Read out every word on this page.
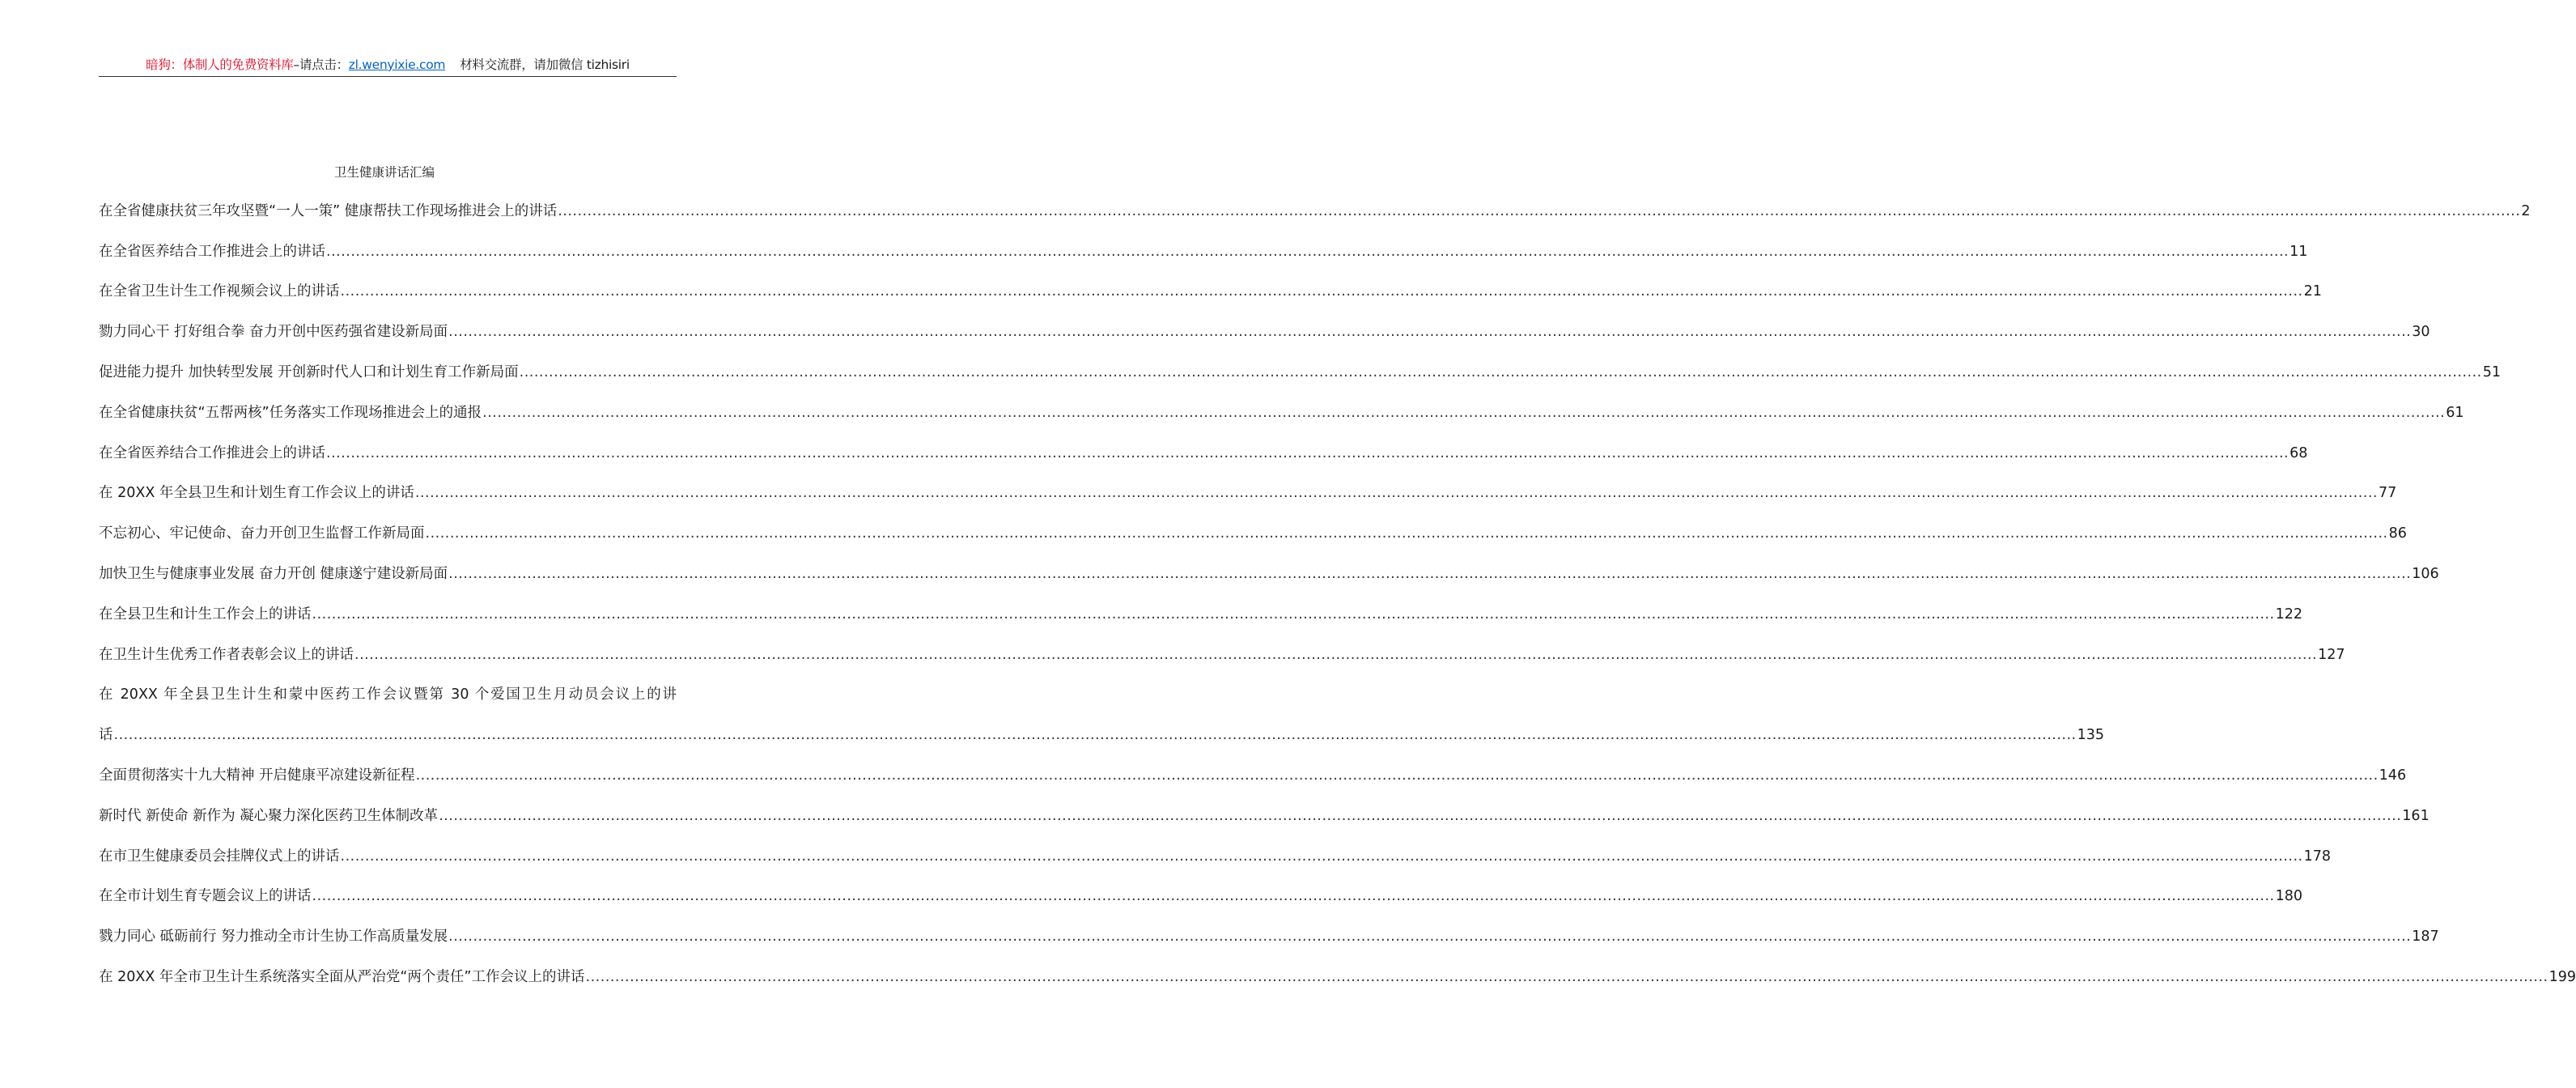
暗狗：体制人的免费资料库–请点击：zl.wenyixie.com 材料交流群，请加微信 tizhisiri
卫生健康讲话汇编
在全省健康扶贫三年攻坚暨“一人一策” 健康帮扶工作现场推进会上的讲话 ................................................................................................................................................................................................................................................................................................................................................................................................................ 2
在全省医养结合工作推进会上的讲话 ................................................................................................................................................................................................................................................................................................................................................................................................................ 11
在全省卫生计生工作视频会议上的讲话 ................................................................................................................................................................................................................................................................................................................................................................................................................ 21
勠力同心干 打好组合拳 奋力开创中医药强省建设新局面 ................................................................................................................................................................................................................................................................................................................................................................................................................ 30
促进能力提升 加快转型发展 开创新时代人口和计划生育工作新局面 ................................................................................................................................................................................................................................................................................................................................................................................................................ 51
在全省健康扶贫“五帮两核”任务落实工作现场推进会上的通报 ................................................................................................................................................................................................................................................................................................................................................................................................................ 61
在全省医养结合工作推进会上的讲话 ................................................................................................................................................................................................................................................................................................................................................................................................................ 68
在 20XX 年全县卫生和计划生育工作会议上的讲话 ................................................................................................................................................................................................................................................................................................................................................................................................................ 77
不忘初心、牢记使命、奋力开创卫生监督工作新局面 ................................................................................................................................................................................................................................................................................................................................................................................................................ 86
加快卫生与健康事业发展 奋力开创 健康遂宁建设新局面 ................................................................................................................................................................................................................................................................................................................................................................................................................ 106
在全县卫生和计生工作会上的讲话 ................................................................................................................................................................................................................................................................................................................................................................................................................ 122
在卫生计生优秀工作者表彰会议上的讲话 ................................................................................................................................................................................................................................................................................................................................................................................................................ 127
在 20XX 年全县卫生计生和蒙中医药工作会议暨第 30 个爱国卫生月动员会议上的讲
话 ................................................................................................................................................................................................................................................................................................................................................................................................................ 135
全面贯彻落实十九大精神 开启健康平凉建设新征程 ................................................................................................................................................................................................................................................................................................................................................................................................................ 146
新时代 新使命 新作为 凝心聚力深化医药卫生体制改革 ................................................................................................................................................................................................................................................................................................................................................................................................................ 161
在市卫生健康委员会挂牌仪式上的讲话 ................................................................................................................................................................................................................................................................................................................................................................................................................ 178
在全市计划生育专题会议上的讲话 ................................................................................................................................................................................................................................................................................................................................................................................................................ 180
戮力同心 砥砺前行 努力推动全市计生协工作高质量发展 ................................................................................................................................................................................................................................................................................................................................................................................................................ 187
在 20XX 年全市卫生计生系统落实全面从严治党“两个责任”工作会议上的讲话 ................................................................................................................................................................................................................................................................................................................................................................................................................ 199
